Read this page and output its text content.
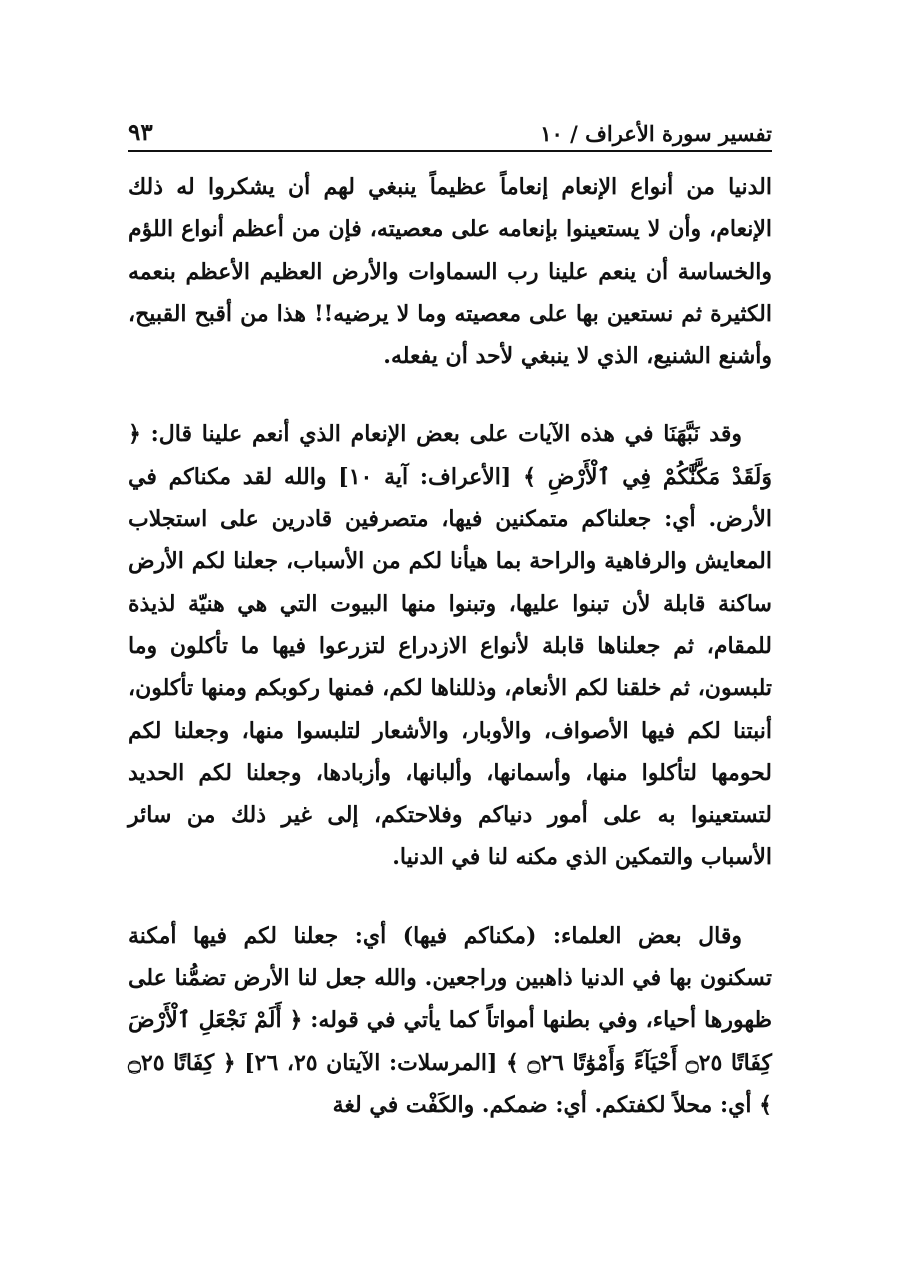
تفسير سورة الأعراف / ١٠
٩٣

الدنيا من أنواع الإنعام إنعاماً عظيماً ينبغي لهم أن يشكروا له ذلك الإنعام، وأن لا يستعينوا بإنعامه على معصيته، فإن من أعظم أنواع اللؤم والخساسة أن ينعم علينا رب السماوات والأرض العظيم الأعظم بنعمه الكثيرة ثم نستعين بها على معصيته وما لا يرضيه!! هذا من أقبح القبيح، وأشنع الشنيع، الذي لا ينبغي لأحد أن يفعله.

وقد نَبَّهَنَا في هذه الآيات على بعض الإنعام الذي أنعم علينا قال: ﴿ وَلَقَدْ مَكَّنَّٰكُمْ فِي ٱلْأَرْضِ ﴾ [الأعراف: آية ١٠] والله لقد مكناكم في الأرض. أي: جعلناكم متمكنين فيها، متصرفين قادرين على استجلاب المعايش والرفاهية والراحة بما هيأنا لكم من الأسباب، جعلنا لكم الأرض ساكنة قابلة لأن تبنوا عليها، وتبنوا منها البيوت التي هي هنيّة لذيذة للمقام، ثم جعلناها قابلة لأنواع الازدراع لتزرعوا فيها ما تأكلون وما تلبسون، ثم خلقنا لكم الأنعام، وذللناها لكم، فمنها ركوبكم ومنها تأكلون، أنبتنا لكم فيها الأصواف، والأوبار، والأشعار لتلبسوا منها، وجعلنا لكم لحومها لتأكلوا منها، وأسمانها، وألبانها، وأزبادها، وجعلنا لكم الحديد لتستعينوا به على أمور دنياكم وفلاحتكم، إلى غير ذلك من سائر الأسباب والتمكين الذي مكنه لنا في الدنيا.

وقال بعض العلماء: (مكناكم فيها) أي: جعلنا لكم فيها أمكنة تسكنون بها في الدنيا ذاهبين وراجعين. والله جعل لنا الأرض تضمُّنا على ظهورها أحياء، وفي بطنها أمواتاً كما يأتي في قوله: ﴿ أَلَمْ نَجْعَلِ ٱلْأَرْضَ كِفَاتًا ۝٢٥ أَحْيَآءً وَأَمْوَٰتًا ۝٢٦ ﴾ [المرسلات: الآيتان ٢٥، ٢٦] ﴿ كِفَاتًا ۝٢٥ ﴾ أي: محلاً لكفتكم. أي: ضمكم. والكَفْت في لغة
